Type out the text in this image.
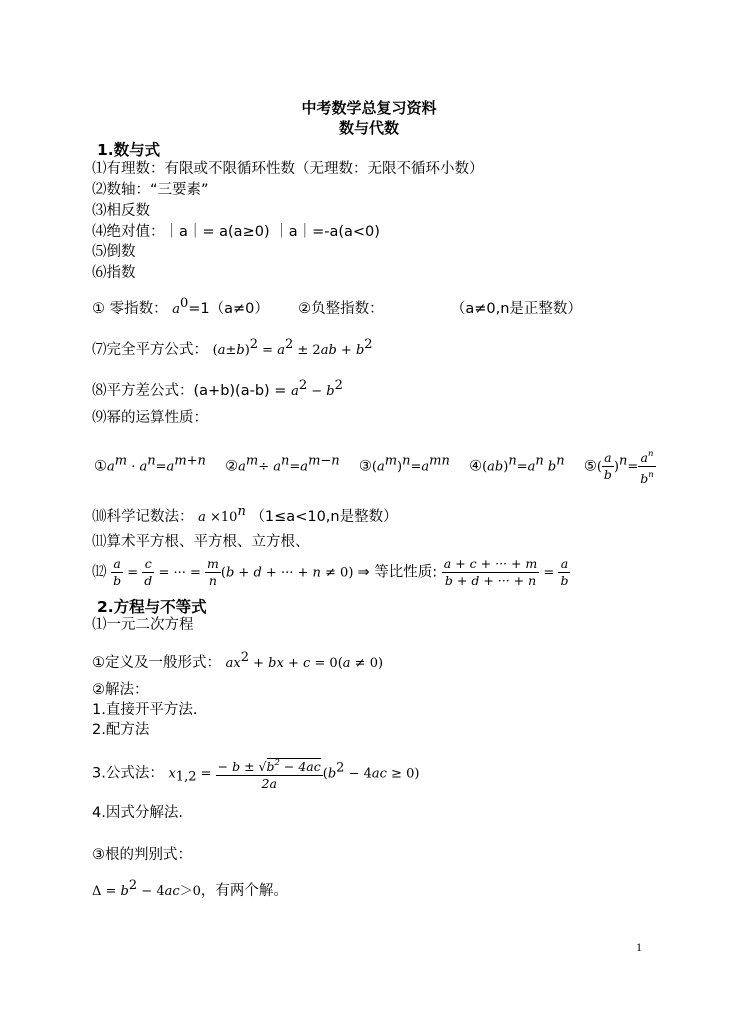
中考数学总复习资料
数与代数
1.数与式
⑴有理数：有限或不限循环性数（无理数：无限不循环小数）
⑵数轴：“三要素”
⑶相反数
⑷绝对值：｜a｜= a(a≥0) ｜a｜=-a(a<0)
⑸倒数
⑹指数
① 零指数： $a^0=1(a\ne 0)$ ②负整指数：	（a≠0,n是正整数）
⑺完全平方公式： $(a\pm b)^2 = a^2 \pm 2ab + b^2$
⑻平方差公式：$(a+b)(a-b) = a^2 - b^2$
⑼幂的运算性质：
$①a^m \cdot a^n=a^{m+n}$ $②a^m\div a^n=a^{m-n}$ $③(a^m)^n=a^{mn}$ $④(ab)^n=a^n$ $b^n$ ⑤( $\frac{a}{b} )^n= \frac{a^n}{b^n}$
⑽科学记数法： $a \times 10^n$ （1≤a<10,n是整数）
⑾算术平方根、平方根、立方根、
⑿ $\frac{a}{b} = \frac{c}{d}$ = ··· = $\frac{m}{n} (b + d$ + ··· + n ≠ 0) ⇒ 等比性质: $\frac{a + c + \cdot\cdot\cdot + m}{b + d + \cdot\cdot\cdot + n} = \frac{a}{b}$
2.方程与不等式
⑴一元二次方程
①定义及一般形式： $ax^2$ + bx + c = 0(a ≠ 0)
②解法：
1.直接开平方法.
2.配方法
3.公式法： $x_{1,2} = \frac{- b \pm √b^2 - 4ac}{2a} (b^2 - 4ac \ge 0)$
4.因式分解法.
③根的判别式：
$\Delta = b^2 - 4ac>0$，有两个解。
1
